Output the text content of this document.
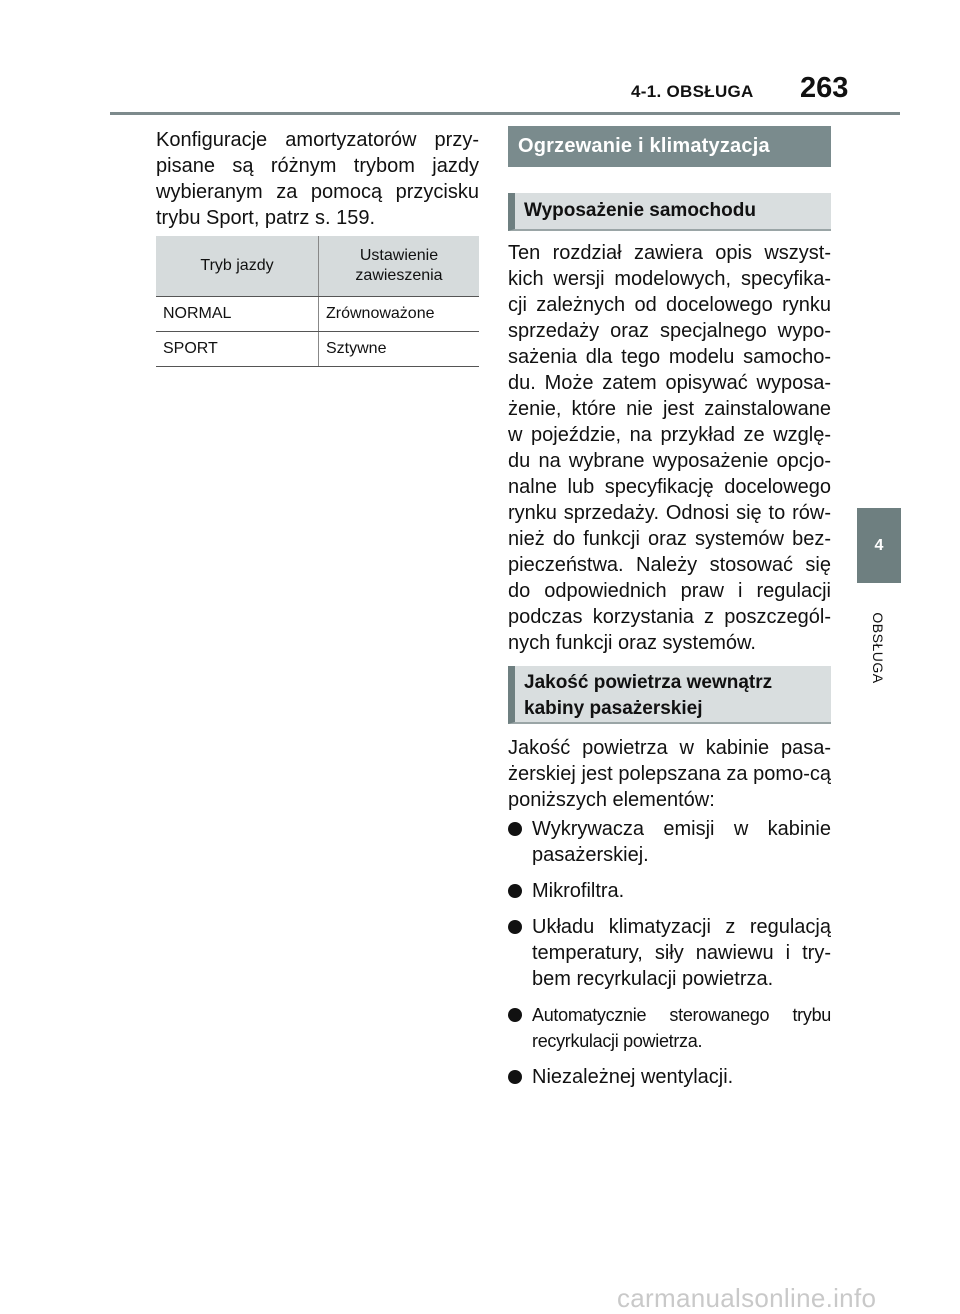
4-1. OBSŁUGA 263
4
OBSŁUGA
Konfiguracje amortyzatorów przy-pisane są różnym trybom jazdy wybieranym za pomocą przycisku trybu Sport, patrz s. 159.
Tryb jazdy	Ustawienie zawieszenia
NORMAL	Zrównoważone
SPORT	Sztywne
Ogrzewanie i klimatyzacja
Wyposażenie samochodu
Ten rozdział zawiera opis wszyst-kich wersji modelowych, specyfika-cji zależnych od docelowego rynku sprzedaży oraz specjalnego wypo-sażenia dla tego modelu samocho-du. Może zatem opisywać wyposa-żenie, które nie jest zainstalowane w pojeździe, na przykład ze wzglę-du na wybrane wyposażenie opcjo-nalne lub specyfikację docelowego rynku sprzedaży. Odnosi się to rów-nież do funkcji oraz systemów bez-pieczeństwa. Należy stosować się do odpowiednich praw i regulacji podczas korzystania z poszczegól-nych funkcji oraz systemów.
Jakość powietrza wewnątrz kabiny pasażerskiej
Jakość powietrza w kabinie pasa-żerskiej jest polepszana za pomo-cą poniższych elementów:
Wykrywacza emisji w kabinie pasażerskiej.
Mikrofiltra.
Układu klimatyzacji z regulacją temperatury, siły nawiewu i try-bem recyrkulacji powietrza.
Automatycznie sterowanego trybu recyrkulacji powietrza.
Niezależnej wentylacji.
carmanualsonline.info
